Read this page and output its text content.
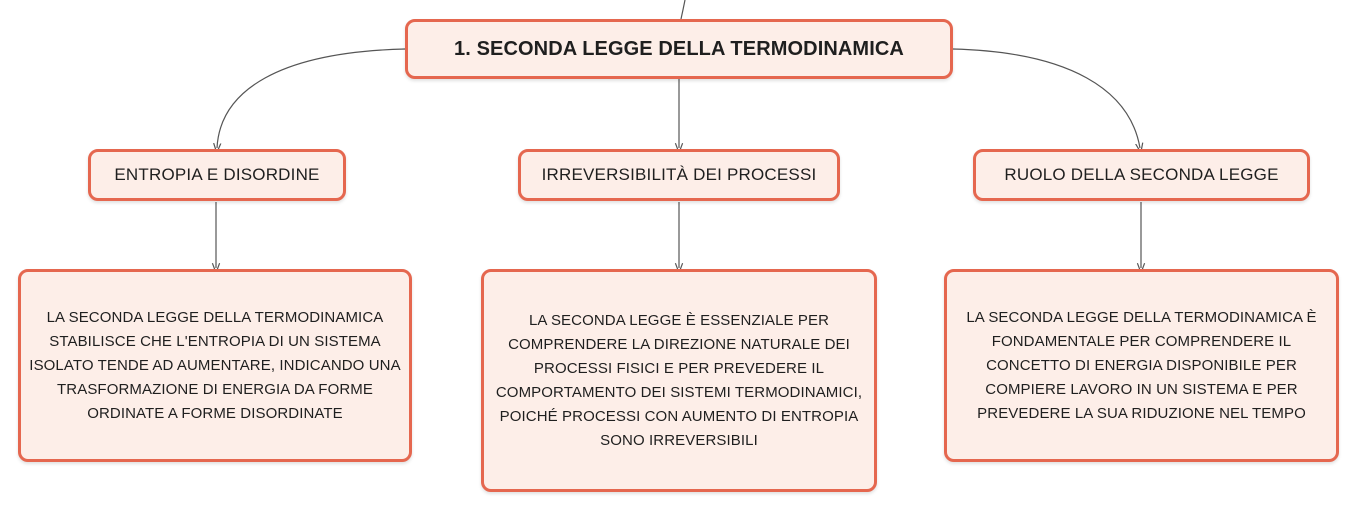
1. SECONDA LEGGE DELLA TERMODINAMICA
ENTROPIA E DISORDINE	IRREVERSIBILITÀ DEI PROCESSI	RUOLO DELLA SECONDA LEGGE
LA SECONDA LEGGE DELLA TERMODINAMICA STABILISCE CHE L'ENTROPIA DI UN SISTEMA ISOLATO TENDE AD AUMENTARE, INDICANDO UNA TRASFORMAZIONE DI ENERGIA DA FORME ORDINATE A FORME DISORDINATE
LA SECONDA LEGGE È ESSENZIALE PER COMPRENDERE LA DIREZIONE NATURALE DEI PROCESSI FISICI E PER PREVEDERE IL COMPORTAMENTO DEI SISTEMI TERMODINAMICI, POICHÉ PROCESSI CON AUMENTO DI ENTROPIA SONO IRREVERSIBILI
LA SECONDA LEGGE DELLA TERMODINAMICA È FONDAMENTALE PER COMPRENDERE IL CONCETTO DI ENERGIA DISPONIBILE PER COMPIERE LAVORO IN UN SISTEMA E PER PREVEDERE LA SUA RIDUZIONE NEL TEMPO
